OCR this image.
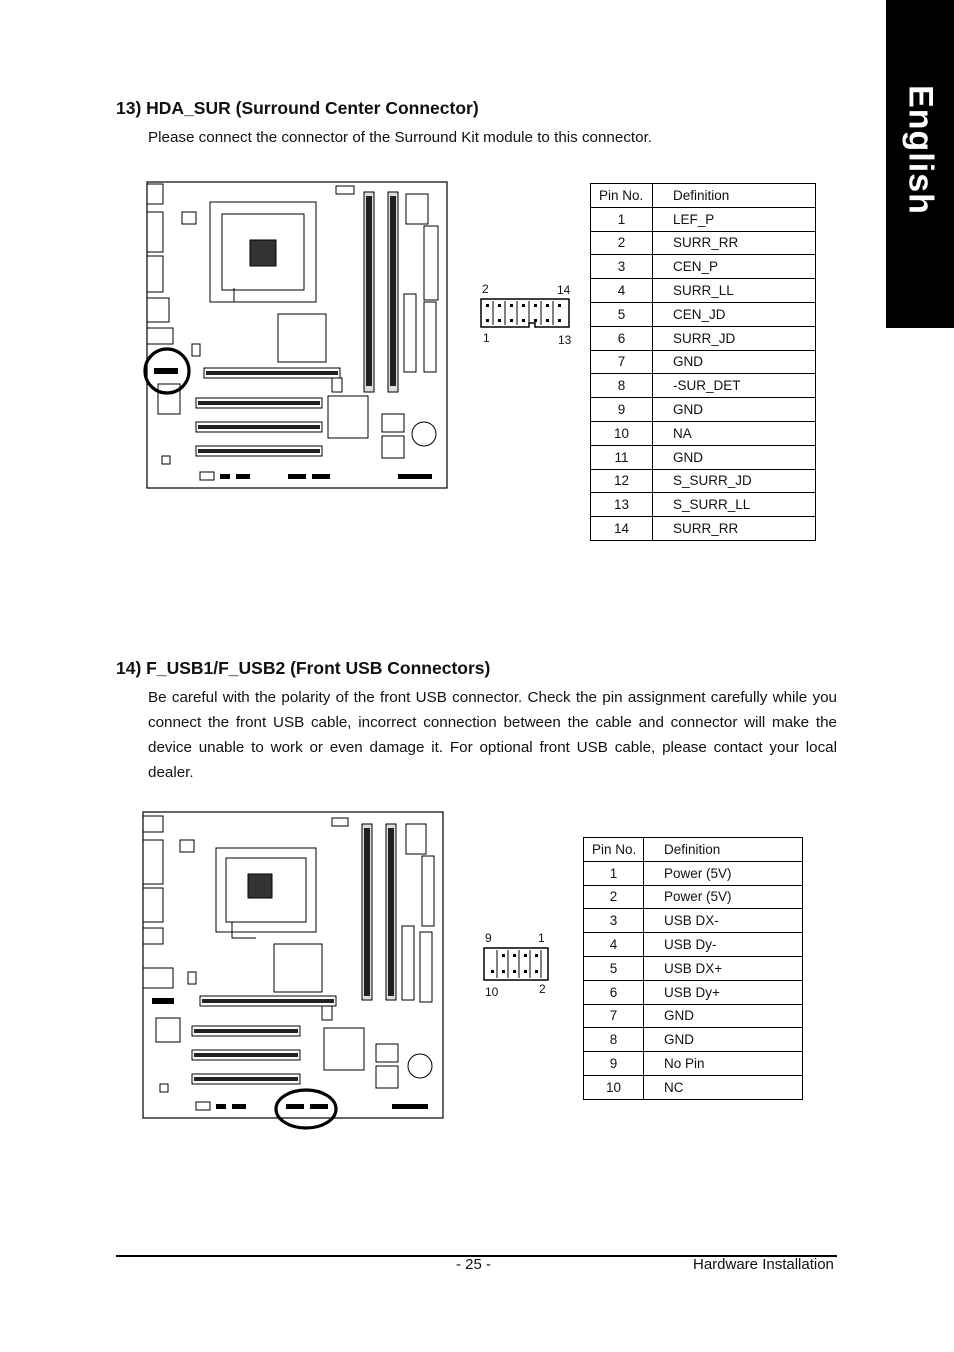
English
13) HDA_SUR (Surround Center Connector)
Please connect the connector of the Surround Kit module to this connector.
2	14
1	13
Pin No.	Definition
1	LEF_P
2	SURR_RR
3	CEN_P
4	SURR_LL
5	CEN_JD
6	SURR_JD
7	GND
8	-SUR_DET
9	GND
10	NA
11	GND
12	S_SURR_JD
13	S_SURR_LL
14	SURR_RR
14) F_USB1/F_USB2 (Front USB Connectors)
Be careful with the polarity of the front USB connector. Check the pin assignment carefully while you connect the front USB cable, incorrect connection between the cable and connector will make the device unable to work or even damage it. For optional front USB cable, please contact your local dealer.
9	1
10	2
Pin No.	Definition
1	Power (5V)
2	Power (5V)
3	USB DX-
4	USB Dy-
5	USB DX+
6	USB Dy+
7	GND
8	GND
9	No Pin
10	NC
- 25 -	Hardware Installation
